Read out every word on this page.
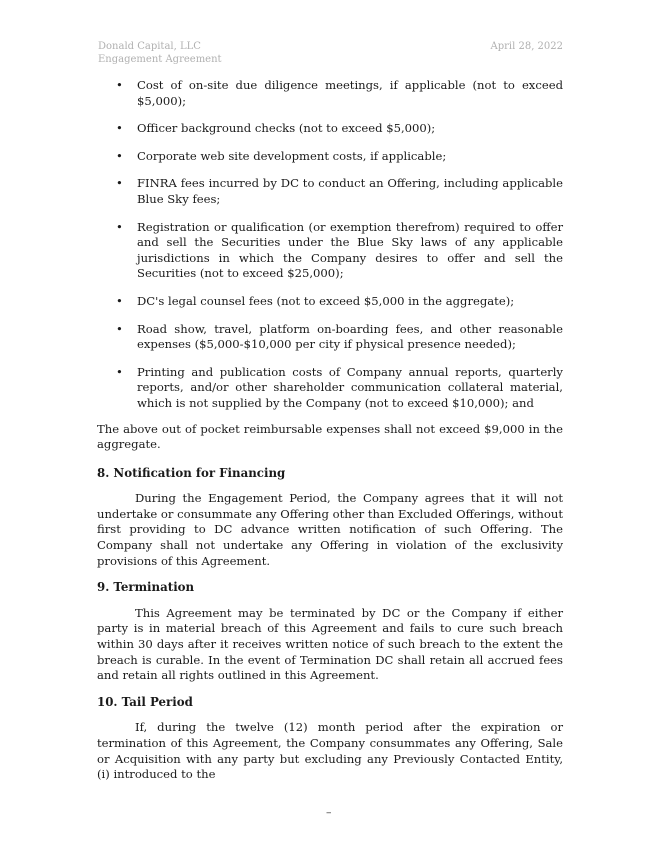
Donald Capital, LLC
Engagement Agreement
April 28, 2022
• Cost of on-site due diligence meetings, if applicable (not to exceed $5,000);
• Officer background checks (not to exceed $5,000);
• Corporate web site development costs, if applicable;
• FINRA fees incurred by DC to conduct an Offering, including applicable Blue Sky fees;
• Registration or qualification (or exemption therefrom) required to offer and sell the Securities under the Blue Sky laws of any applicable jurisdictions in which the Company desires to offer and sell the Securities (not to exceed $25,000);
• DC's legal counsel fees (not to exceed $5,000 in the aggregate);
• Road show, travel, platform on-boarding fees, and other reasonable expenses ($5,000-$10,000 per city if physical presence needed);
• Printing and publication costs of Company annual reports, quarterly reports, and/or other shareholder communication collateral material, which is not supplied by the Company (not to exceed $10,000); and

The above out of pocket reimbursable expenses shall not exceed $9,000 in the aggregate.

8. Notification for Financing

During the Engagement Period, the Company agrees that it will not undertake or consummate any Offering other than Excluded Offerings, without first providing to DC advance written notification of such Offering. The Company shall not undertake any Offering in violation of the exclusivity provisions of this Agreement.

9. Termination

This Agreement may be terminated by DC or the Company if either party is in material breach of this Agreement and fails to cure such breach within 30 days after it receives written notice of such breach to the extent the breach is curable. In the event of Termination DC shall retain all accrued fees and retain all rights outlined in this Agreement.

10. Tail Period

If, during the twelve (12) month period after the expiration or termination of this Agreement, the Company consummates any Offering, Sale or Acquisition with any party but excluding any Previously Contacted Entity, (i) introduced to the

–
